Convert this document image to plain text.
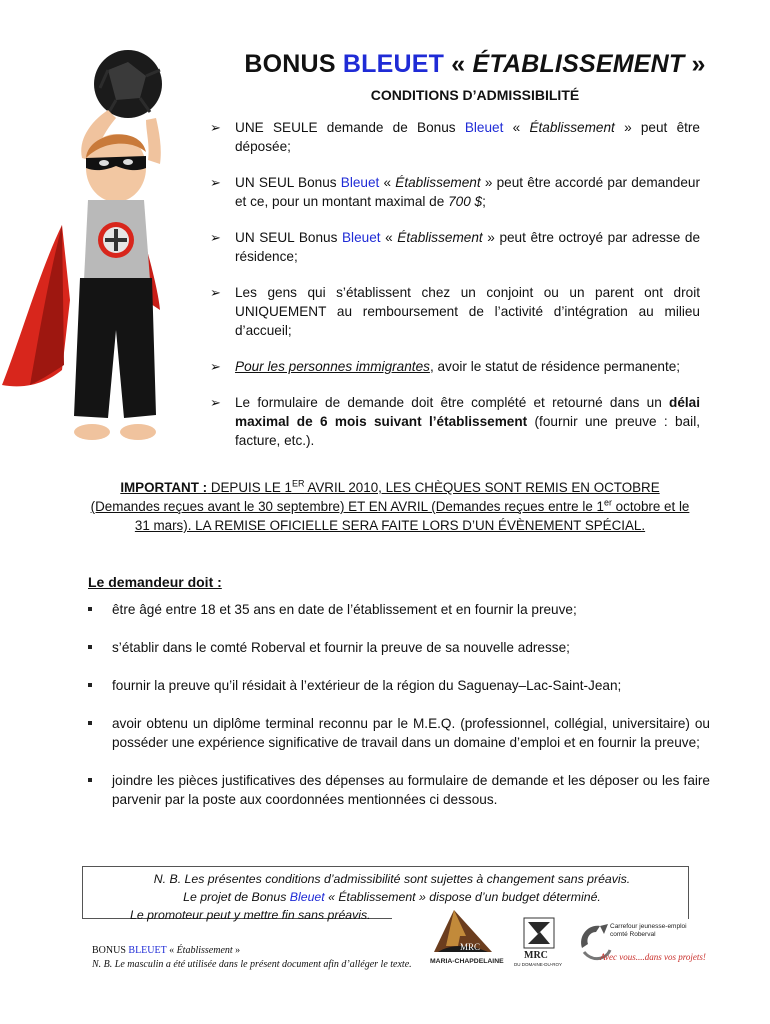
BONUS BLEUET « ÉTABLISSEMENT »
CONDITIONS D’ADMISSIBILITÉ
➢ UNE SEULE demande de Bonus Bleuet « Établissement » peut être déposée;
➢ UN SEUL Bonus Bleuet « Établissement » peut être accordé par demandeur et ce, pour un montant maximal de 700 $;
➢ UN SEUL Bonus Bleuet « Établissement » peut être octroyé par adresse de résidence;
➢ Les gens qui s’établissent chez un conjoint ou un parent ont droit UNIQUEMENT au remboursement de l’activité d’intégration au milieu d’accueil;
➢ Pour les personnes immigrantes, avoir le statut de résidence permanente;
➢ Le formulaire de demande doit être complété et retourné dans un délai maximal de 6 mois suivant l’établissement (fournir une preuve : bail, facture, etc.).
IMPORTANT : DEPUIS LE 1ER AVRIL 2010, LES CHÈQUES SONT REMIS EN OCTOBRE (Demandes reçues avant le 30 septembre) ET EN AVRIL (Demandes reçues entre le 1er octobre et le 31 mars). LA REMISE OFICIELLE SERA FAITE LORS D’UN ÉVÈNEMENT SPÉCIAL.
Le demandeur doit :
être âgé entre 18 et 35 ans en date de l’établissement et en fournir la preuve;
s’établir dans le comté Roberval et fournir la preuve de sa nouvelle adresse;
fournir la preuve qu’il résidait à l’extérieur de la région du Saguenay–Lac-Saint-Jean;
avoir obtenu un diplôme terminal reconnu par le M.E.Q. (professionnel, collégial, universitaire) ou posséder une expérience significative de travail dans un domaine d’emploi et en fournir la preuve;
joindre les pièces justificatives des dépenses au formulaire de demande et les déposer ou les faire parvenir par la poste aux coordonnées mentionnées ci dessous.
N. B. Les présentes conditions d’admissibilité sont sujettes à changement sans préavis.
Le projet de Bonus Bleuet « Établissement » dispose d’un budget déterminé.
Le promoteur peut y mettre fin sans préavis.
BONUS BLEUET « Établissement »
N. B. Le masculin a été utilisée dans le présent document afin d’alléger le texte.
MRC
MARIA-CHAPDELAINE
MRC
DU DOMAINE-DU-ROY
Carrefour jeunesse-emploi
comté Roberval
Avec vous....dans vos projets!
